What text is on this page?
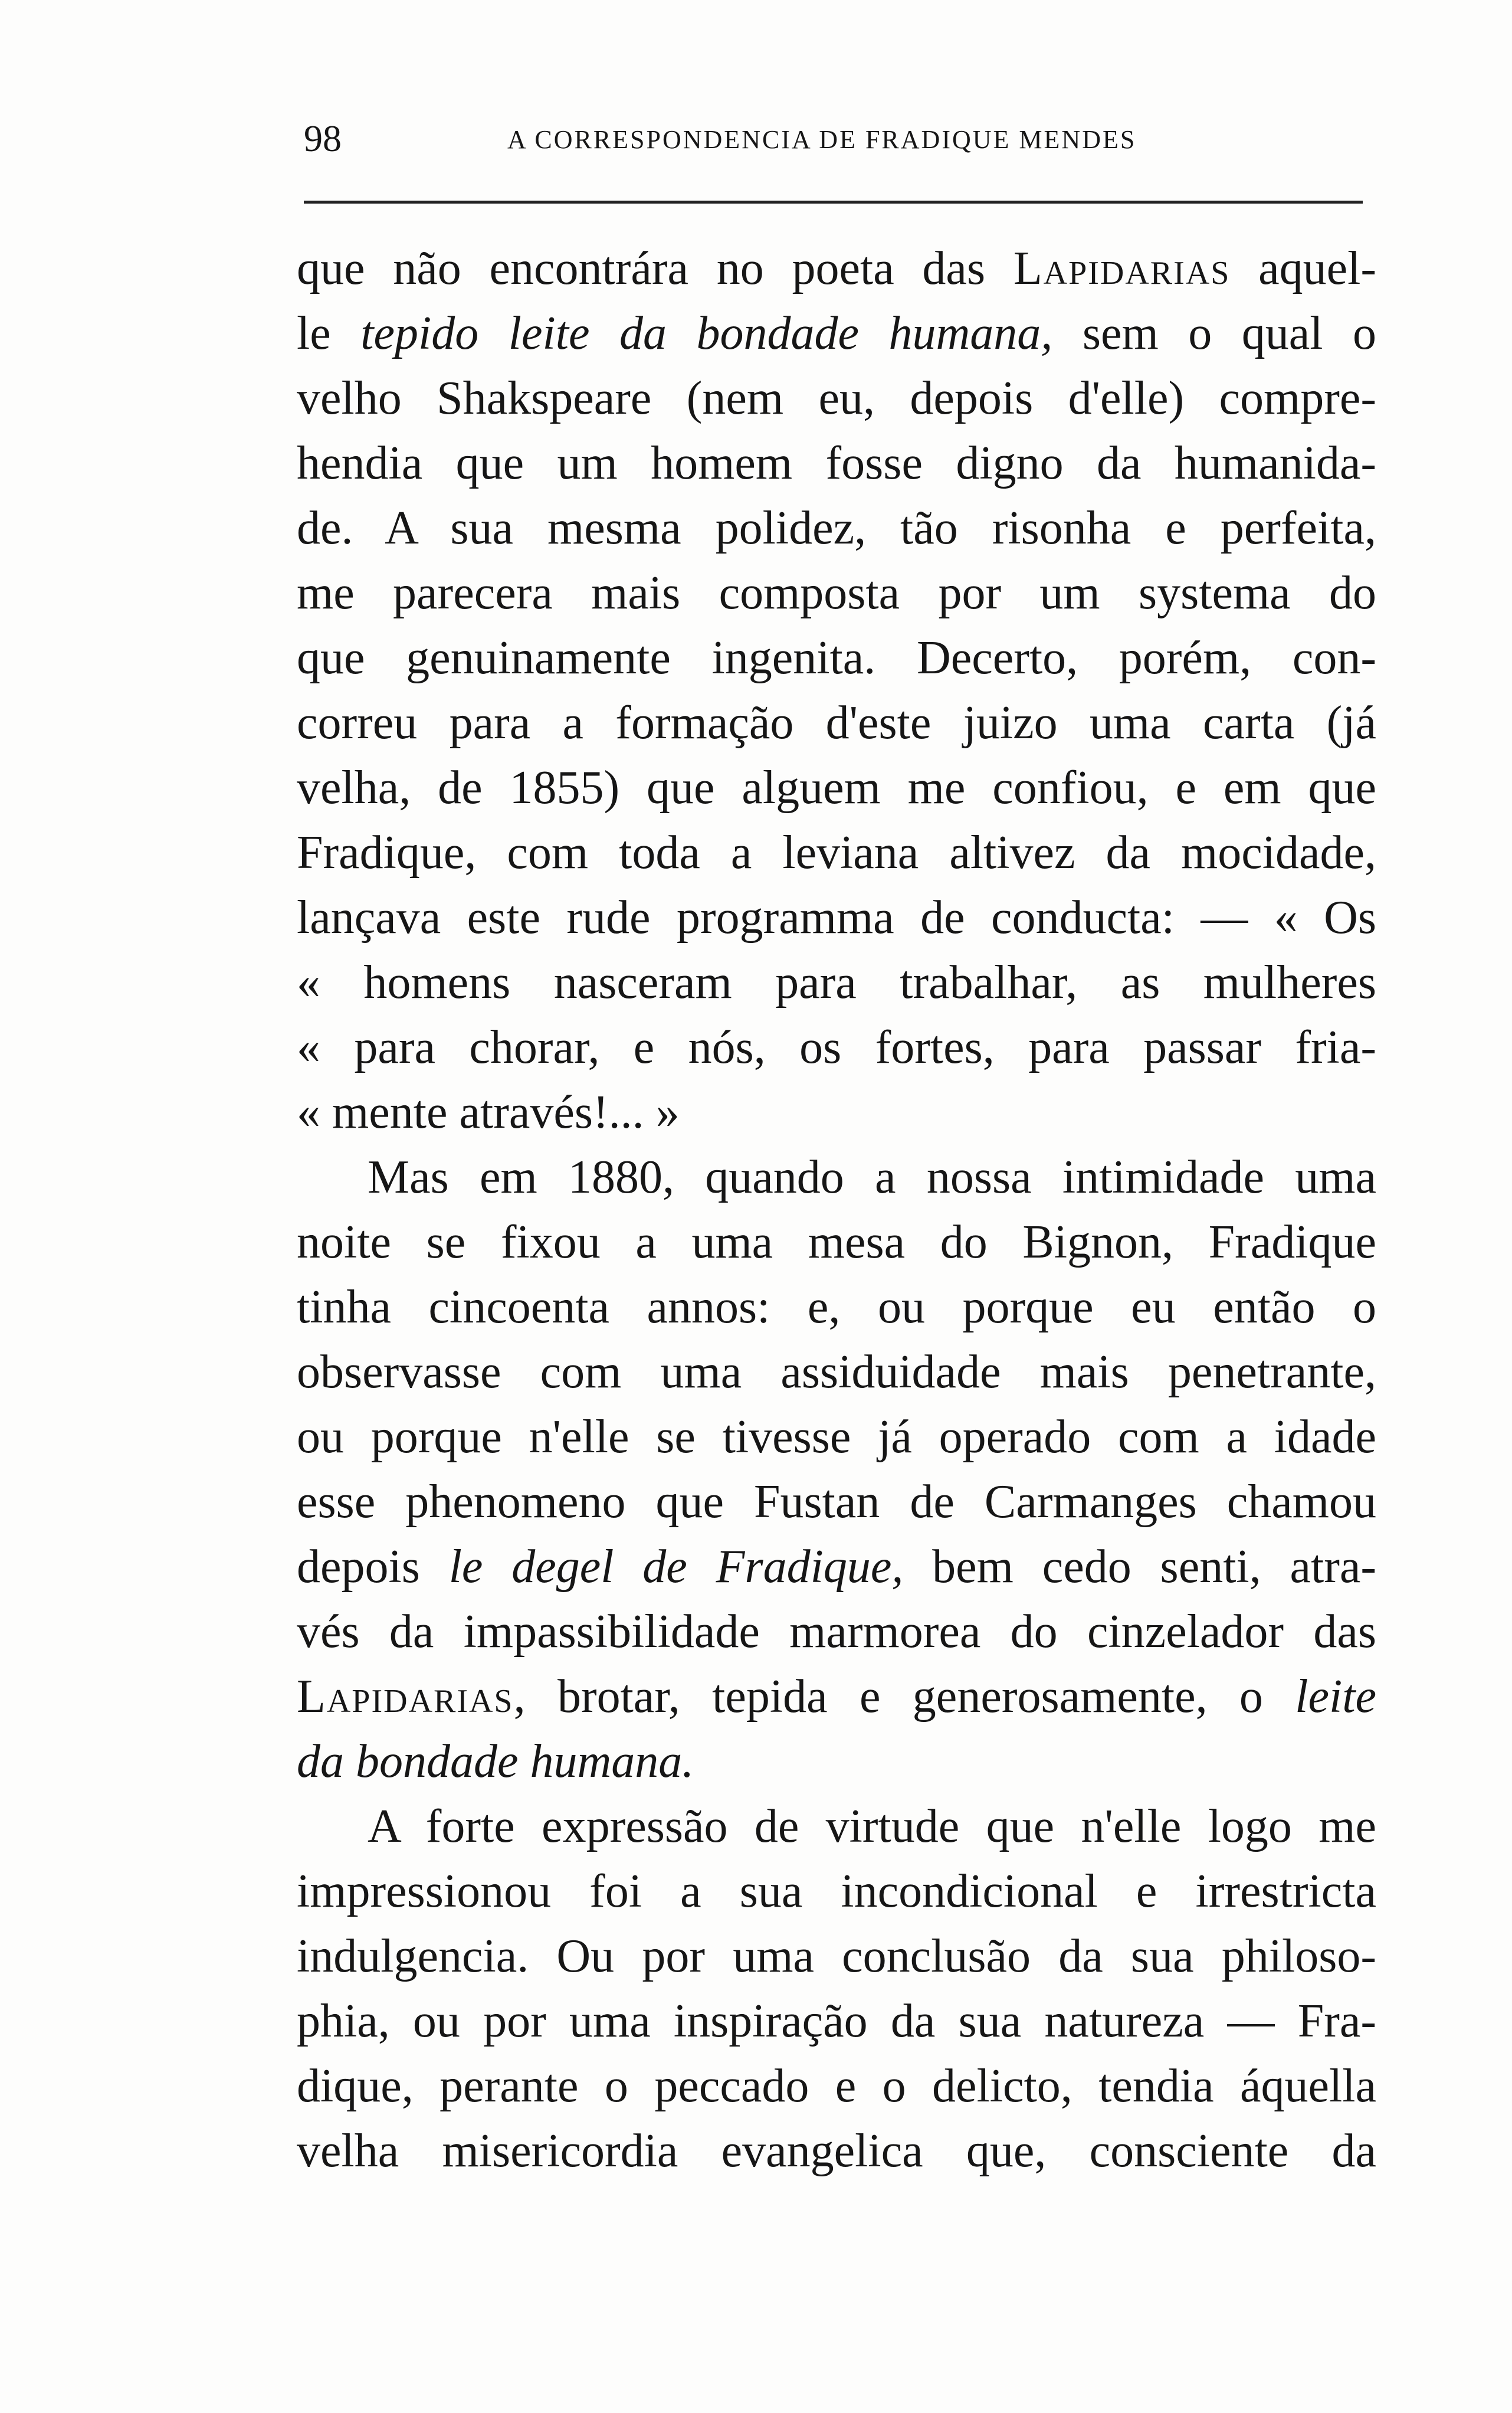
98	A CORRESPONDENCIA DE FRADIQUE MENDES
que não encontrára no poeta das Lapidarias aquel-
le tepido leite da bondade humana, sem o qual o
velho Shakspeare (nem eu, depois d'elle) compre-
hendia que um homem fosse digno da humanida-
de. A sua mesma polidez, tão risonha e perfeita,
me parecera mais composta por um systema do
que genuinamente ingenita. Decerto, porém, con-
correu para a formação d'este juizo uma carta (já
velha, de 1855) que alguem me confiou, e em que
Fradique, com toda a leviana altivez da mocidade,
lançava este rude programma de conducta: — « Os
« homens nasceram para trabalhar, as mulheres
« para chorar, e nós, os fortes, para passar fria-
« mente através!... »
Mas em 1880, quando a nossa intimidade uma
noite se fixou a uma mesa do Bignon, Fradique
tinha cincoenta annos: e, ou porque eu então o
observasse com uma assiduidade mais penetrante,
ou porque n'elle se tivesse já operado com a idade
esse phenomeno que Fustan de Carmanges chamou
depois le degel de Fradique, bem cedo senti, atra-
vés da impassibilidade marmorea do cinzelador das
Lapidarias, brotar, tepida e generosamente, o leite
da bondade humana.
A forte expressão de virtude que n'elle logo me
impressionou foi a sua incondicional e irrestricta
indulgencia. Ou por uma conclusão da sua philoso-
phia, ou por uma inspiração da sua natureza — Fra-
dique, perante o peccado e o delicto, tendia áquella
velha misericordia evangelica que, consciente da
